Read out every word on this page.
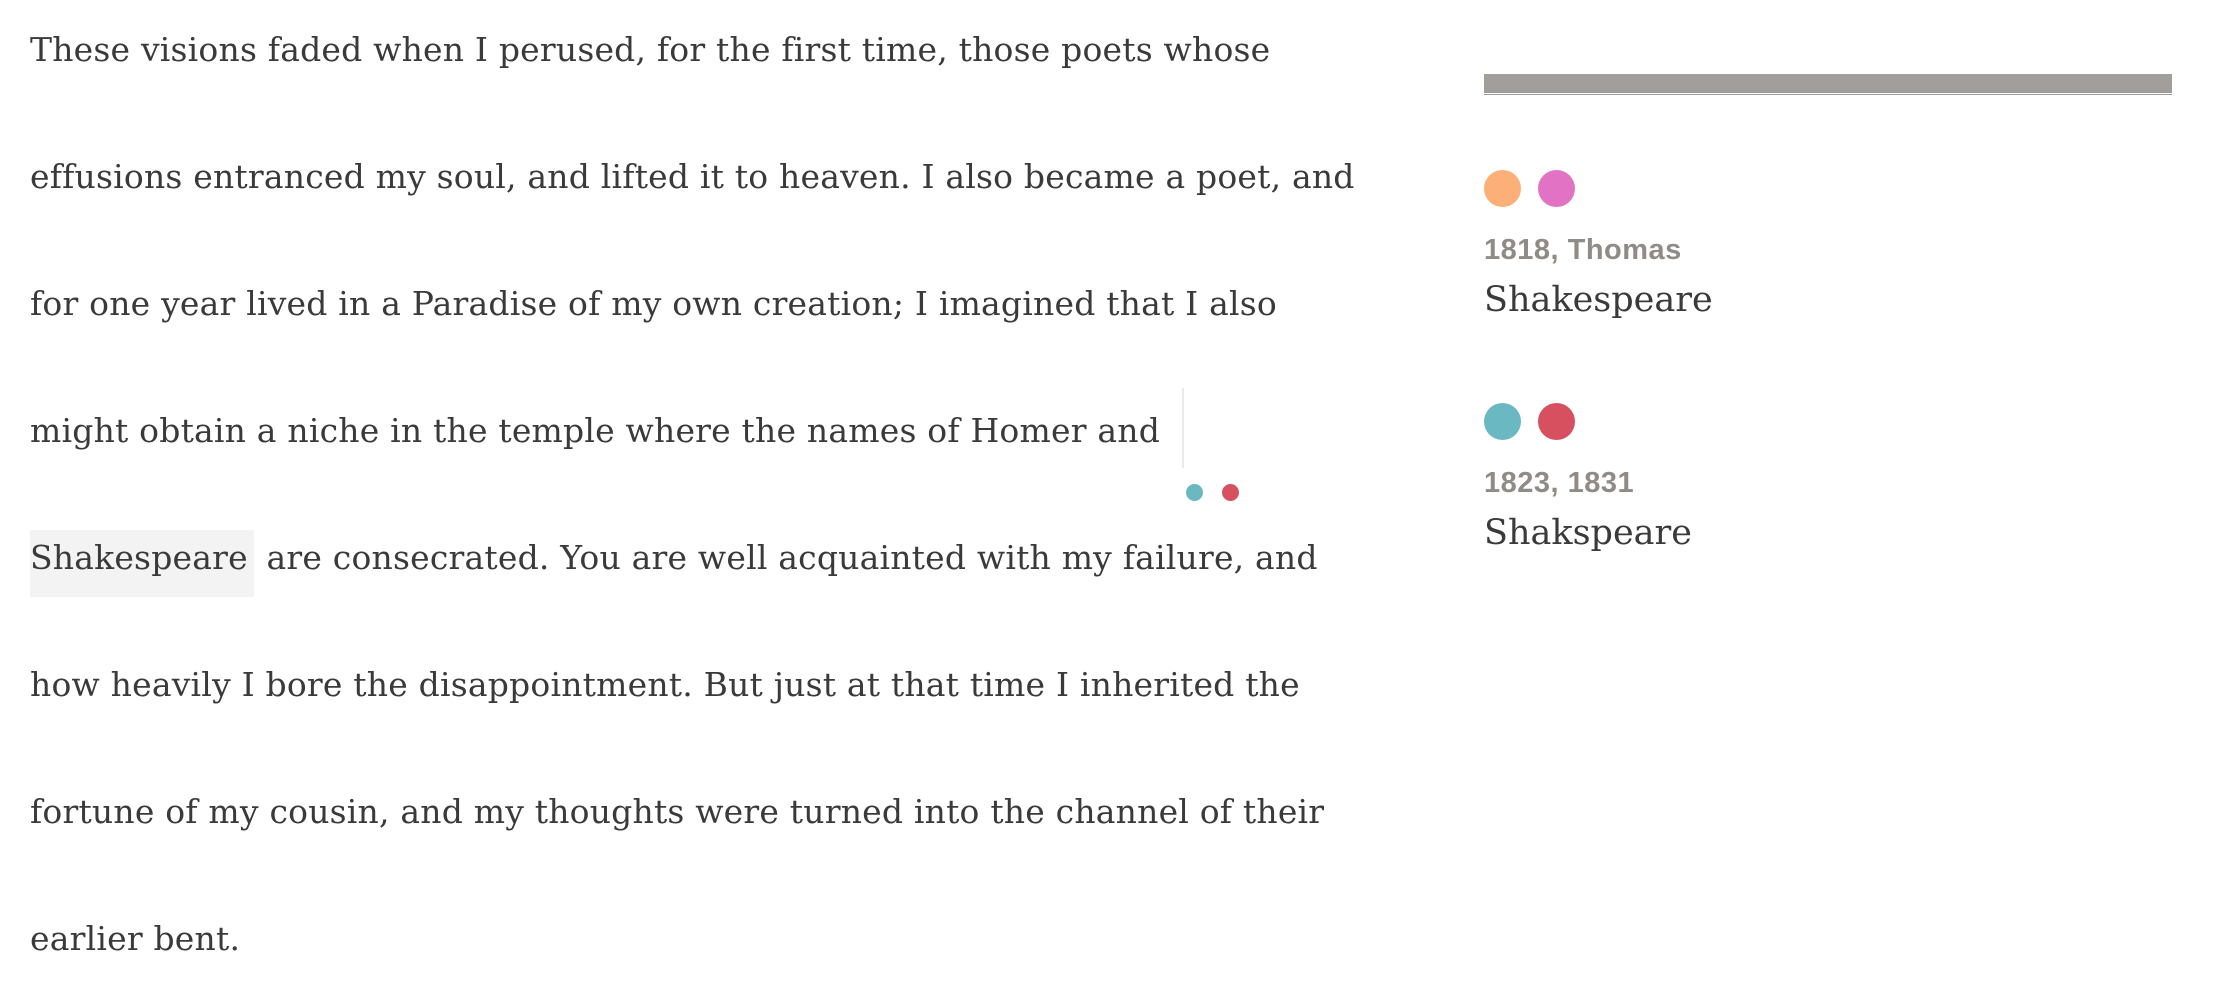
These visions faded when I perused, for the first time, those poets whose
effusions entranced my soul, and lifted it to heaven. I also became a poet, and
for one year lived in a Paradise of my own creation; I imagined that I also
might obtain a niche in the temple where the names of Homer and
Shakespeare are consecrated. You are well acquainted with my failure, and
how heavily I bore the disappointment. But just at that time I inherited the
fortune of my cousin, and my thoughts were turned into the channel of their
earlier bent.
1818, Thomas
Shakespeare
1823, 1831
Shakspeare
